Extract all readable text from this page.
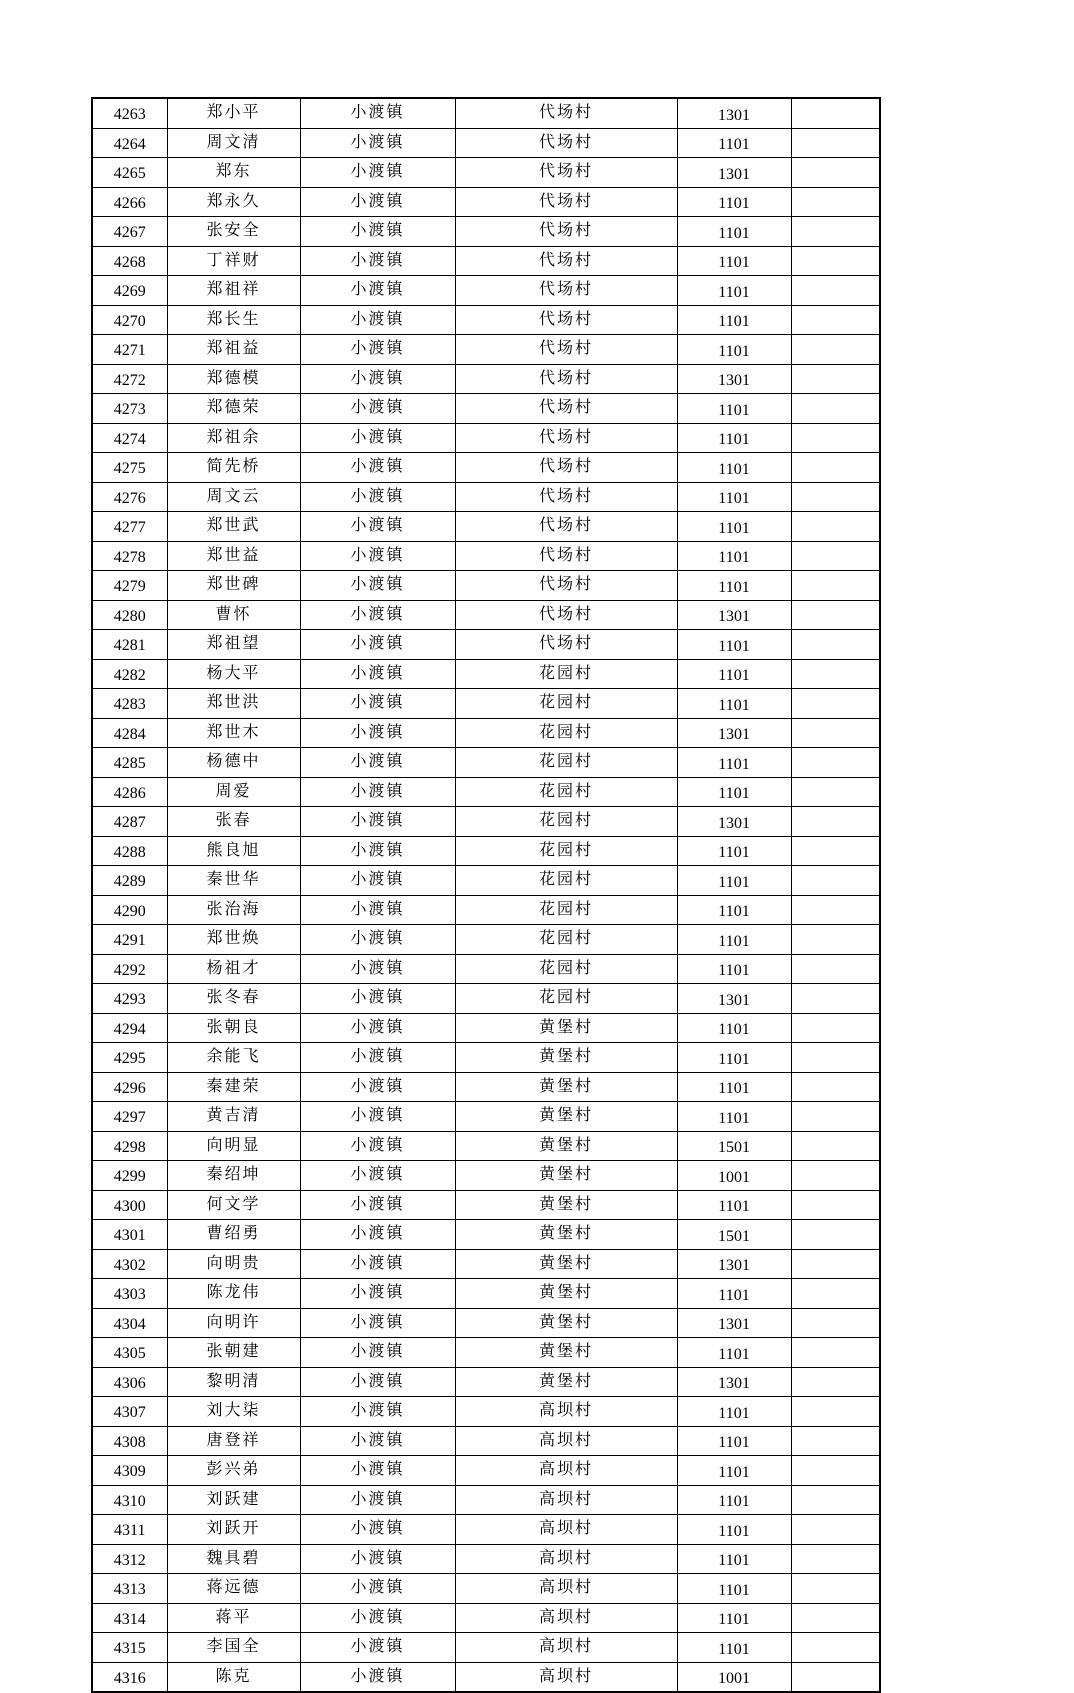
4263	郑小平	小渡镇	代场村	1301	
4264	周文清	小渡镇	代场村	1101	
4265	郑东	小渡镇	代场村	1301	
4266	郑永久	小渡镇	代场村	1101	
4267	张安全	小渡镇	代场村	1101	
4268	丁祥财	小渡镇	代场村	1101	
4269	郑祖祥	小渡镇	代场村	1101	
4270	郑长生	小渡镇	代场村	1101	
4271	郑祖益	小渡镇	代场村	1101	
4272	郑德模	小渡镇	代场村	1301	
4273	郑德荣	小渡镇	代场村	1101	
4274	郑祖余	小渡镇	代场村	1101	
4275	简先桥	小渡镇	代场村	1101	
4276	周文云	小渡镇	代场村	1101	
4277	郑世武	小渡镇	代场村	1101	
4278	郑世益	小渡镇	代场村	1101	
4279	郑世碑	小渡镇	代场村	1101	
4280	曹怀	小渡镇	代场村	1301	
4281	郑祖望	小渡镇	代场村	1101	
4282	杨大平	小渡镇	花园村	1101	
4283	郑世洪	小渡镇	花园村	1101	
4284	郑世木	小渡镇	花园村	1301	
4285	杨德中	小渡镇	花园村	1101	
4286	周爱	小渡镇	花园村	1101	
4287	张春	小渡镇	花园村	1301	
4288	熊良旭	小渡镇	花园村	1101	
4289	秦世华	小渡镇	花园村	1101	
4290	张治海	小渡镇	花园村	1101	
4291	郑世焕	小渡镇	花园村	1101	
4292	杨祖才	小渡镇	花园村	1101	
4293	张冬春	小渡镇	花园村	1301	
4294	张朝良	小渡镇	黄堡村	1101	
4295	余能飞	小渡镇	黄堡村	1101	
4296	秦建荣	小渡镇	黄堡村	1101	
4297	黄吉清	小渡镇	黄堡村	1101	
4298	向明显	小渡镇	黄堡村	1501	
4299	秦绍坤	小渡镇	黄堡村	1001	
4300	何文学	小渡镇	黄堡村	1101	
4301	曹绍勇	小渡镇	黄堡村	1501	
4302	向明贵	小渡镇	黄堡村	1301	
4303	陈龙伟	小渡镇	黄堡村	1101	
4304	向明许	小渡镇	黄堡村	1301	
4305	张朝建	小渡镇	黄堡村	1101	
4306	黎明清	小渡镇	黄堡村	1301	
4307	刘大柒	小渡镇	高坝村	1101	
4308	唐登祥	小渡镇	高坝村	1101	
4309	彭兴弟	小渡镇	高坝村	1101	
4310	刘跃建	小渡镇	高坝村	1101	
4311	刘跃开	小渡镇	高坝村	1101	
4312	魏具碧	小渡镇	高坝村	1101	
4313	蒋远德	小渡镇	高坝村	1101	
4314	蒋平	小渡镇	高坝村	1101	
4315	李国全	小渡镇	高坝村	1101	
4316	陈克	小渡镇	高坝村	1001	
